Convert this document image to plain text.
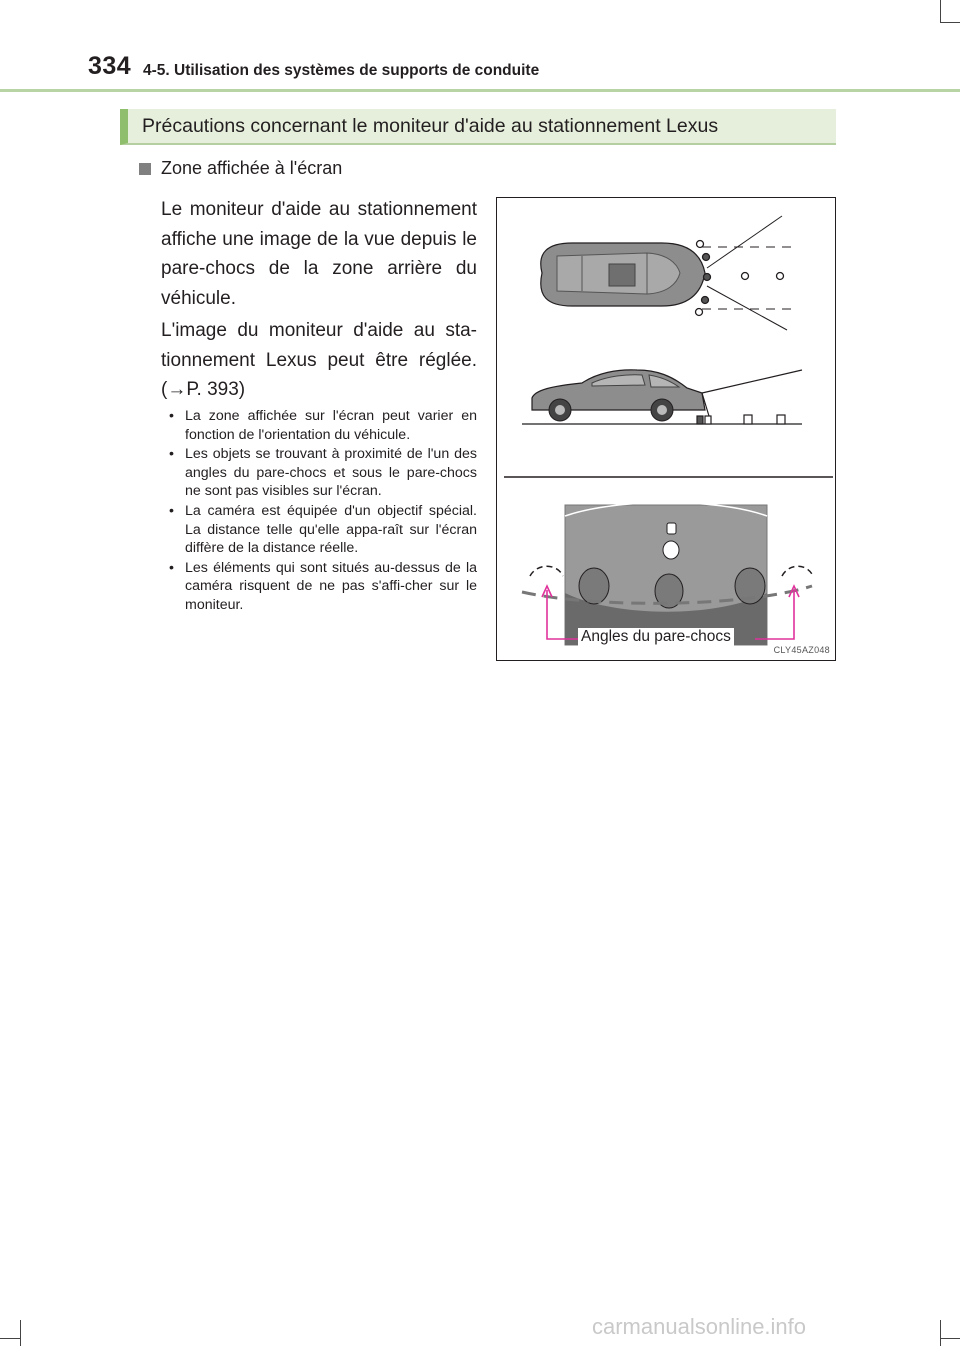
334 4-5. Utilisation des systèmes de supports de conduite
Précautions concernant le moniteur d'aide au stationnement Lexus
Zone affichée à l'écran

Le moniteur d'aide au stationnement affiche une image de la vue depuis le pare-chocs de la zone arrière du véhicule.

L'image du moniteur d'aide au sta-tionnement Lexus peut être réglée. (→P. 393)

• La zone affichée sur l'écran peut varier en fonction de l'orientation du véhicule.
• Les objets se trouvant à proximité de l'un des angles du pare-chocs et sous le pare-chocs ne sont pas visibles sur l'écran.
• La caméra est équipée d'un objectif spécial. La distance telle qu'elle appa-raît sur l'écran diffère de la distance réelle.
• Les éléments qui sont situés au-dessus de la caméra risquent de ne pas s'affi-cher sur le moniteur.
Angles du pare-chocs
CLY45AZ048
carmanualsonline.info
